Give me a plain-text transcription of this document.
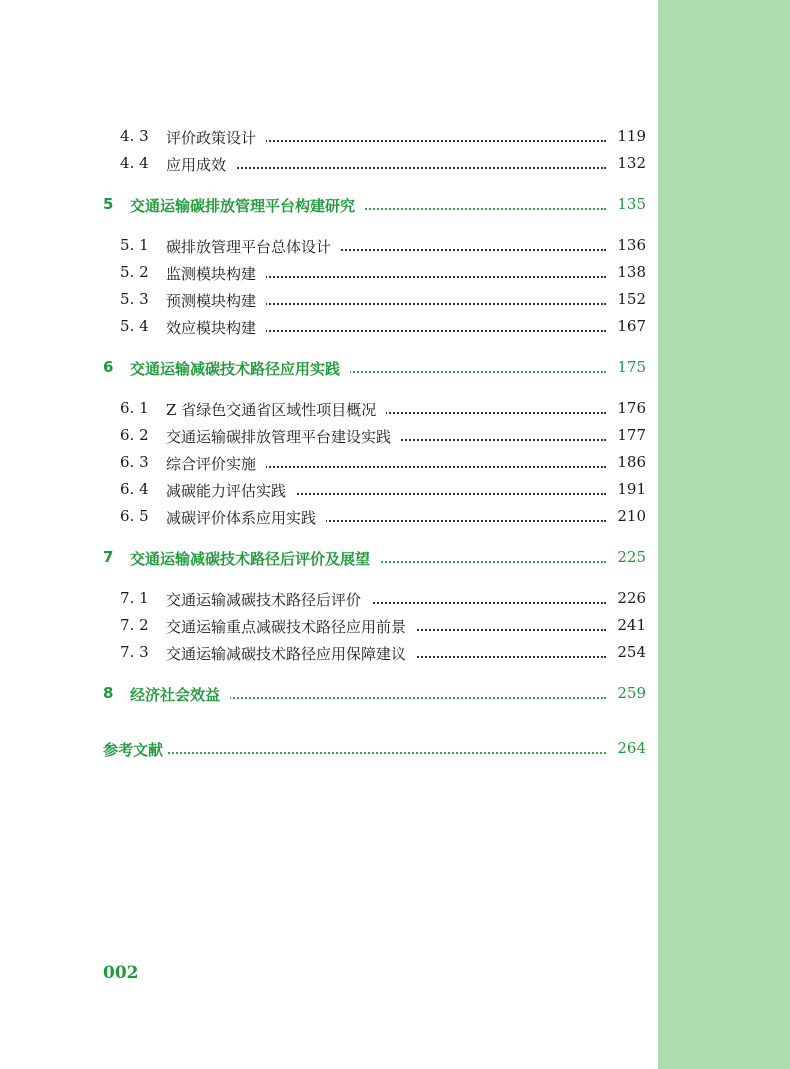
4. 3 评价政策设计	119
4. 4 应用成效	132
5 交通运输碳排放管理平台构建研究	135
5. 1 碳排放管理平台总体设计	136
5. 2 监测模块构建	138
5. 3 预测模块构建	152
5. 4 效应模块构建	167
6 交通运输减碳技术路径应用实践	175
6. 1 Z 省绿色交通省区域性项目概况	176
6. 2 交通运输碳排放管理平台建设实践	177
6. 3 综合评价实施	186
6. 4 减碳能力评估实践	191
6. 5 减碳评价体系应用实践	210
7 交通运输减碳技术路径后评价及展望	225
7. 1 交通运输减碳技术路径后评价	226
7. 2 交通运输重点减碳技术路径应用前景	241
7. 3 交通运输减碳技术路径应用保障建议	254
8 经济社会效益	259
参考文献	264
002
